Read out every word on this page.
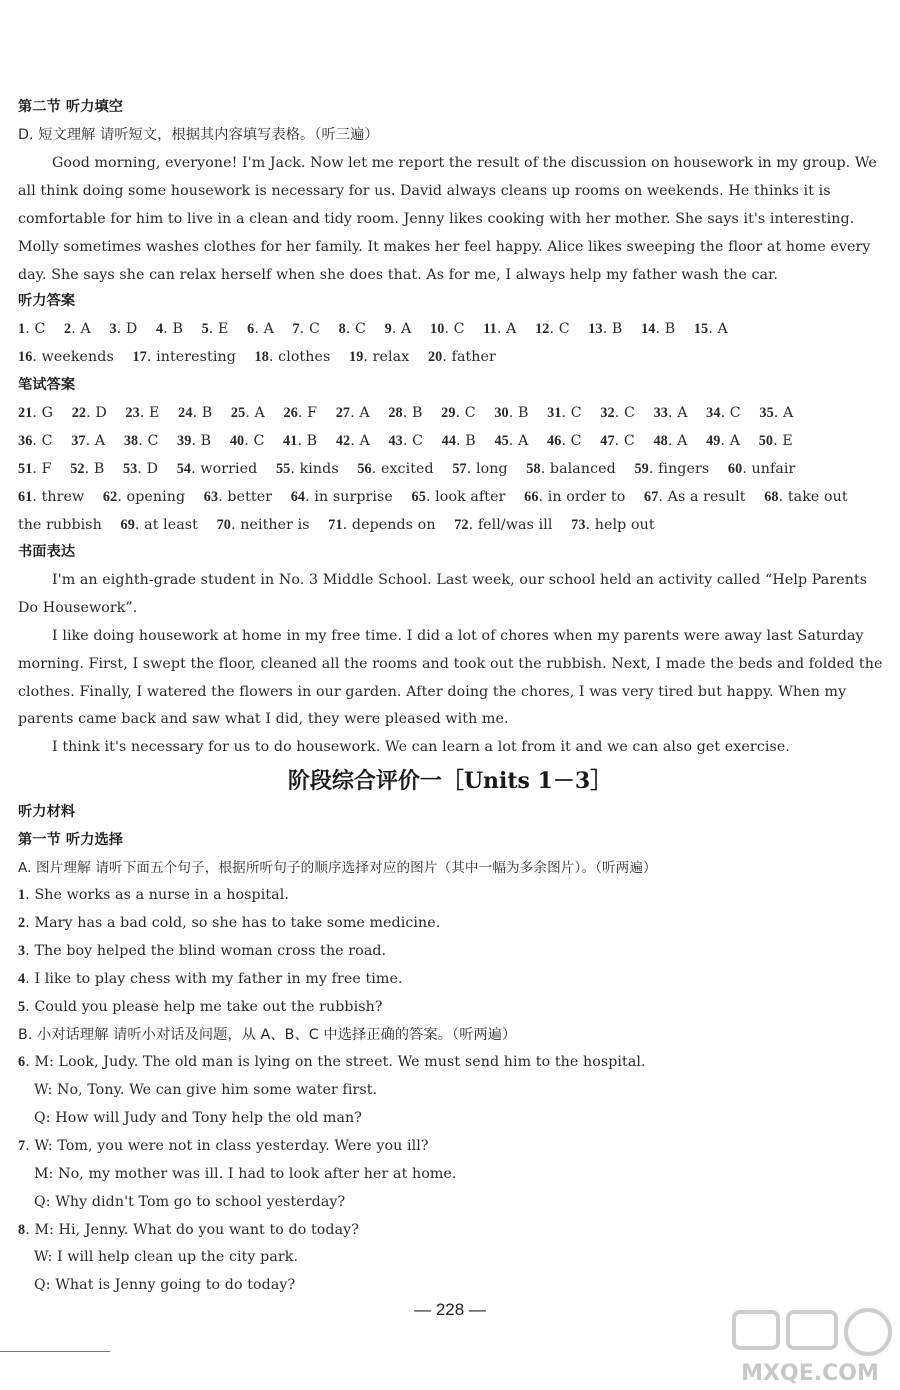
第二节 听力填空
D. 短文理解 请听短文，根据其内容填写表格。（听三遍）
Good morning, everyone! I'm Jack. Now let me report the result of the discussion on housework in my group. We
all think doing some housework is necessary for us. David always cleans up rooms on weekends. He thinks it is
comfortable for him to live in a clean and tidy room. Jenny likes cooking with her mother. She says it's interesting.
Molly sometimes washes clothes for her family. It makes her feel happy. Alice likes sweeping the floor at home every
day. She says she can relax herself when she does that. As for me, I always help my father wash the car.
听力答案
1. C 2. A 3. D 4. B 5. E 6. A 7. C 8. C 9. A 10. C 11. A 12. C 13. B 14. B 15. A
16. weekends 17. interesting 18. clothes 19. relax 20. father
笔试答案
21. G 22. D 23. E 24. B 25. A 26. F 27. A 28. B 29. C 30. B 31. C 32. C 33. A 34. C 35. A
36. C 37. A 38. C 39. B 40. C 41. B 42. A 43. C 44. B 45. A 46. C 47. C 48. A 49. A 50. E
51. F 52. B 53. D 54. worried 55. kinds 56. excited 57. long 58. balanced 59. fingers 60. unfair
61. threw 62. opening 63. better 64. in surprise 65. look after 66. in order to 67. As a result 68. take out
the rubbish 69. at least 70. neither is 71. depends on 72. fell/was ill 73. help out
书面表达
I'm an eighth-grade student in No. 3 Middle School. Last week, our school held an activity called “Help Parents
Do Housework”.
I like doing housework at home in my free time. I did a lot of chores when my parents were away last Saturday
morning. First, I swept the floor, cleaned all the rooms and took out the rubbish. Next, I made the beds and folded the
clothes. Finally, I watered the flowers in our garden. After doing the chores, I was very tired but happy. When my
parents came back and saw what I did, they were pleased with me.
I think it's necessary for us to do housework. We can learn a lot from it and we can also get exercise.
阶段综合评价一［Units 1－3］
听力材料
第一节 听力选择
A. 图片理解 请听下面五个句子，根据所听句子的顺序选择对应的图片（其中一幅为多余图片）。（听两遍）
1. She works as a nurse in a hospital.
2. Mary has a bad cold, so she has to take some medicine.
3. The boy helped the blind woman cross the road.
4. I like to play chess with my father in my free time.
5. Could you please help me take out the rubbish?
B. 小对话理解 请听小对话及问题，从 A、B、C 中选择正确的答案。（听两遍）
6. M: Look, Judy. The old man is lying on the street. We must send him to the hospital.
W: No, Tony. We can give him some water first.
Q: How will Judy and Tony help the old man?
7. W: Tom, you were not in class yesterday. Were you ill?
M: No, my mother was ill. I had to look after her at home.
Q: Why didn't Tom go to school yesterday?
8. M: Hi, Jenny. What do you want to do today?
W: I will help clean up the city park.
Q: What is Jenny going to do today?
— 228 —
MXQE.COM
